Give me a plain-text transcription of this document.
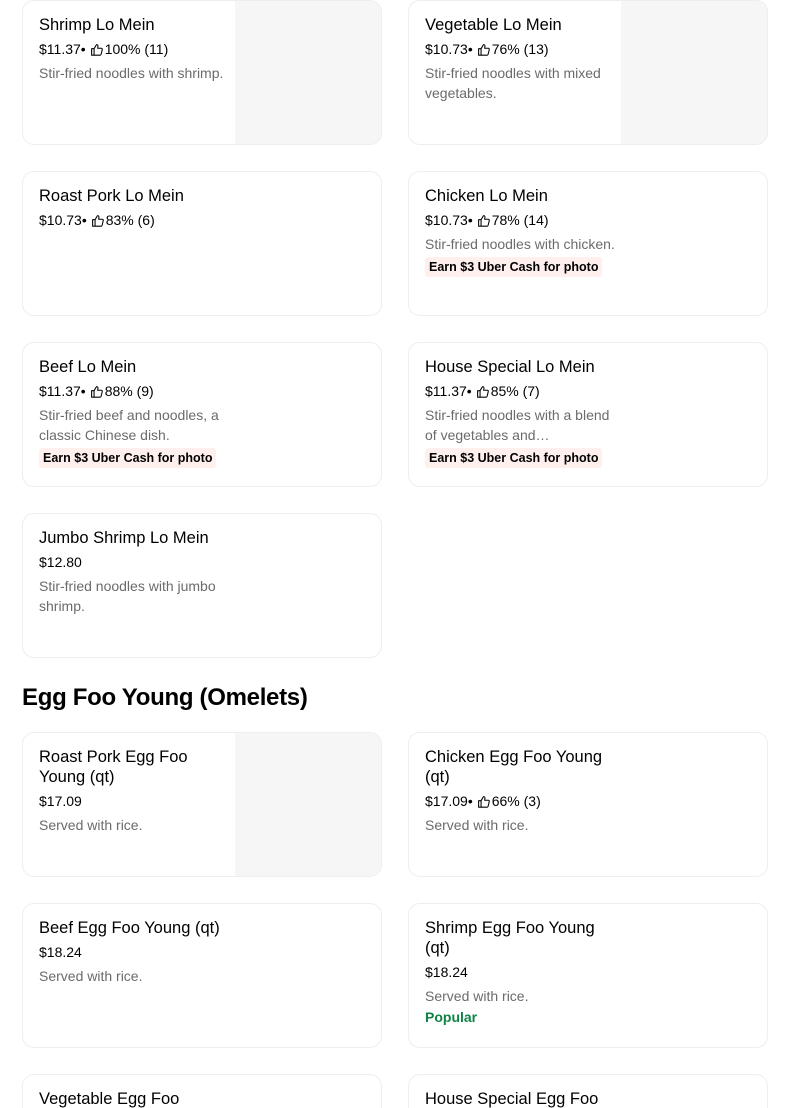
Shrimp Lo Mein
$11.37 • 100% (11)
Stir-fried noodles with shrimp.
Vegetable Lo Mein
$10.73 • 76% (13)
Stir-fried noodles with mixed vegetables.
Roast Pork Lo Mein
$10.73 • 83% (6)
Chicken Lo Mein
$10.73 • 78% (14)
Stir-fried noodles with chicken.
Earn $3 Uber Cash for photo
Beef Lo Mein
$11.37 • 88% (9)
Stir-fried beef and noodles, a classic Chinese dish.
Earn $3 Uber Cash for photo
House Special Lo Mein
$11.37 • 85% (7)
Stir-fried noodles with a blend of vegetables and…
Earn $3 Uber Cash for photo
Jumbo Shrimp Lo Mein
$12.80
Stir-fried noodles with jumbo shrimp.
Egg Foo Young (Omelets)
Roast Pork Egg Foo Young (qt)
$17.09
Served with rice.
Chicken Egg Foo Young (qt)
$17.09 • 66% (3)
Served with rice.
Beef Egg Foo Young (qt)
$18.24
Served with rice.
Shrimp Egg Foo Young (qt)
$18.24
Served with rice.
Popular
Vegetable Egg Foo	House Special Egg Foo
